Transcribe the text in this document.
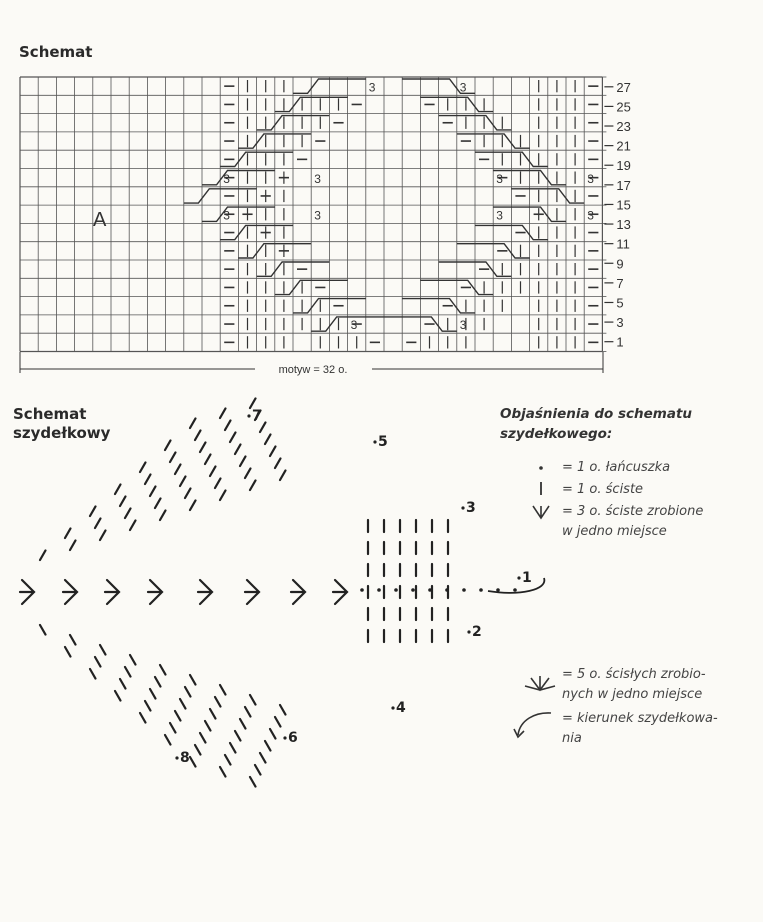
Schemat
A
3	3
3	3	3	3
3	3	3	3
3	3
27
25
23
21
19
17
15
13
11
9
7
5
3
1
motyw = 32 o.
Schemat
szydełkowy
1
2
3
4
5
6
7
8
Objaśnienia do schematu
szydełkowego:
= 1 o. łańcuszka
= 1 o. ściste
= 3 o. ściste zrobione
w jedno miejsce
= 5 o. ścisłych zrobio-
nych w jedno miejsce
= kierunek szydełkowa-
nia
